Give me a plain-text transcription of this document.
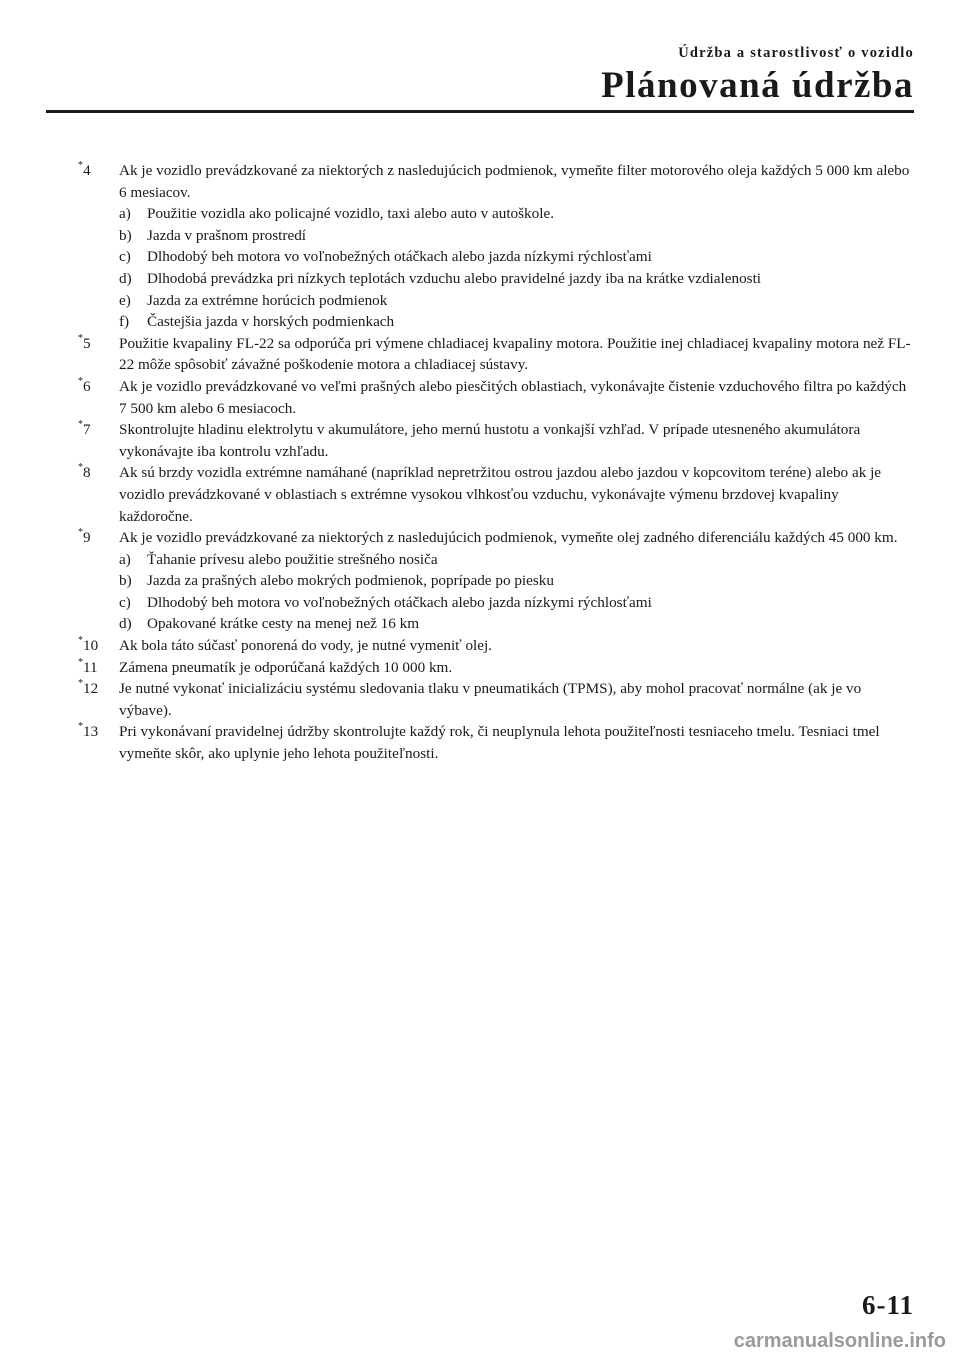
Údržba a starostlivosť o vozidlo
Plánovaná údržba
*4 Ak je vozidlo prevádzkované za niektorých z nasledujúcich podmienok, vymeňte filter motorového oleja každých 5 000 km alebo 6 mesiacov.
a) Použitie vozidla ako policajné vozidlo, taxi alebo auto v autoškole.
b) Jazda v prašnom prostredí
c) Dlhodobý beh motora vo voľnobežných otáčkach alebo jazda nízkymi rýchlosťami
d) Dlhodobá prevádzka pri nízkych teplotách vzduchu alebo pravidelné jazdy iba na krátke vzdialenosti
e) Jazda za extrémne horúcich podmienok
f) Častejšia jazda v horských podmienkach
*5 Použitie kvapaliny FL-22 sa odporúča pri výmene chladiacej kvapaliny motora. Použitie inej chladiacej kvapaliny motora než FL-22 môže spôsobiť závažné poškodenie motora a chladiacej sústavy.
*6 Ak je vozidlo prevádzkované vo veľmi prašných alebo piesčitých oblastiach, vykonávajte čistenie vzduchového filtra po každých 7 500 km alebo 6 mesiacoch.
*7 Skontrolujte hladinu elektrolytu v akumulátore, jeho mernú hustotu a vonkajší vzhľad. V prípade utesneného akumulátora vykonávajte iba kontrolu vzhľadu.
*8 Ak sú brzdy vozidla extrémne namáhané (napríklad nepretržitou ostrou jazdou alebo jazdou v kopcovitom teréne) alebo ak je vozidlo prevádzkované v oblastiach s extrémne vysokou vlhkosťou vzduchu, vykonávajte výmenu brzdovej kvapaliny každoročne.
*9 Ak je vozidlo prevádzkované za niektorých z nasledujúcich podmienok, vymeňte olej zadného diferenciálu každých 45 000 km.
a) Ťahanie prívesu alebo použitie strešného nosiča
b) Jazda za prašných alebo mokrých podmienok, poprípade po piesku
c) Dlhodobý beh motora vo voľnobežných otáčkach alebo jazda nízkymi rýchlosťami
d) Opakované krátke cesty na menej než 16 km
*10 Ak bola táto súčasť ponorená do vody, je nutné vymeniť olej.
*11 Zámena pneumatík je odporúčaná každých 10 000 km.
*12 Je nutné vykonať inicializáciu systému sledovania tlaku v pneumatikách (TPMS), aby mohol pracovať normálne (ak je vo výbave).
*13 Pri vykonávaní pravidelnej údržby skontrolujte každý rok, či neuplynula lehota použiteľnosti tesniaceho tmelu. Tesniaci tmel vymeňte skôr, ako uplynie jeho lehota použiteľnosti.
6-11
carmanualsonline.info
